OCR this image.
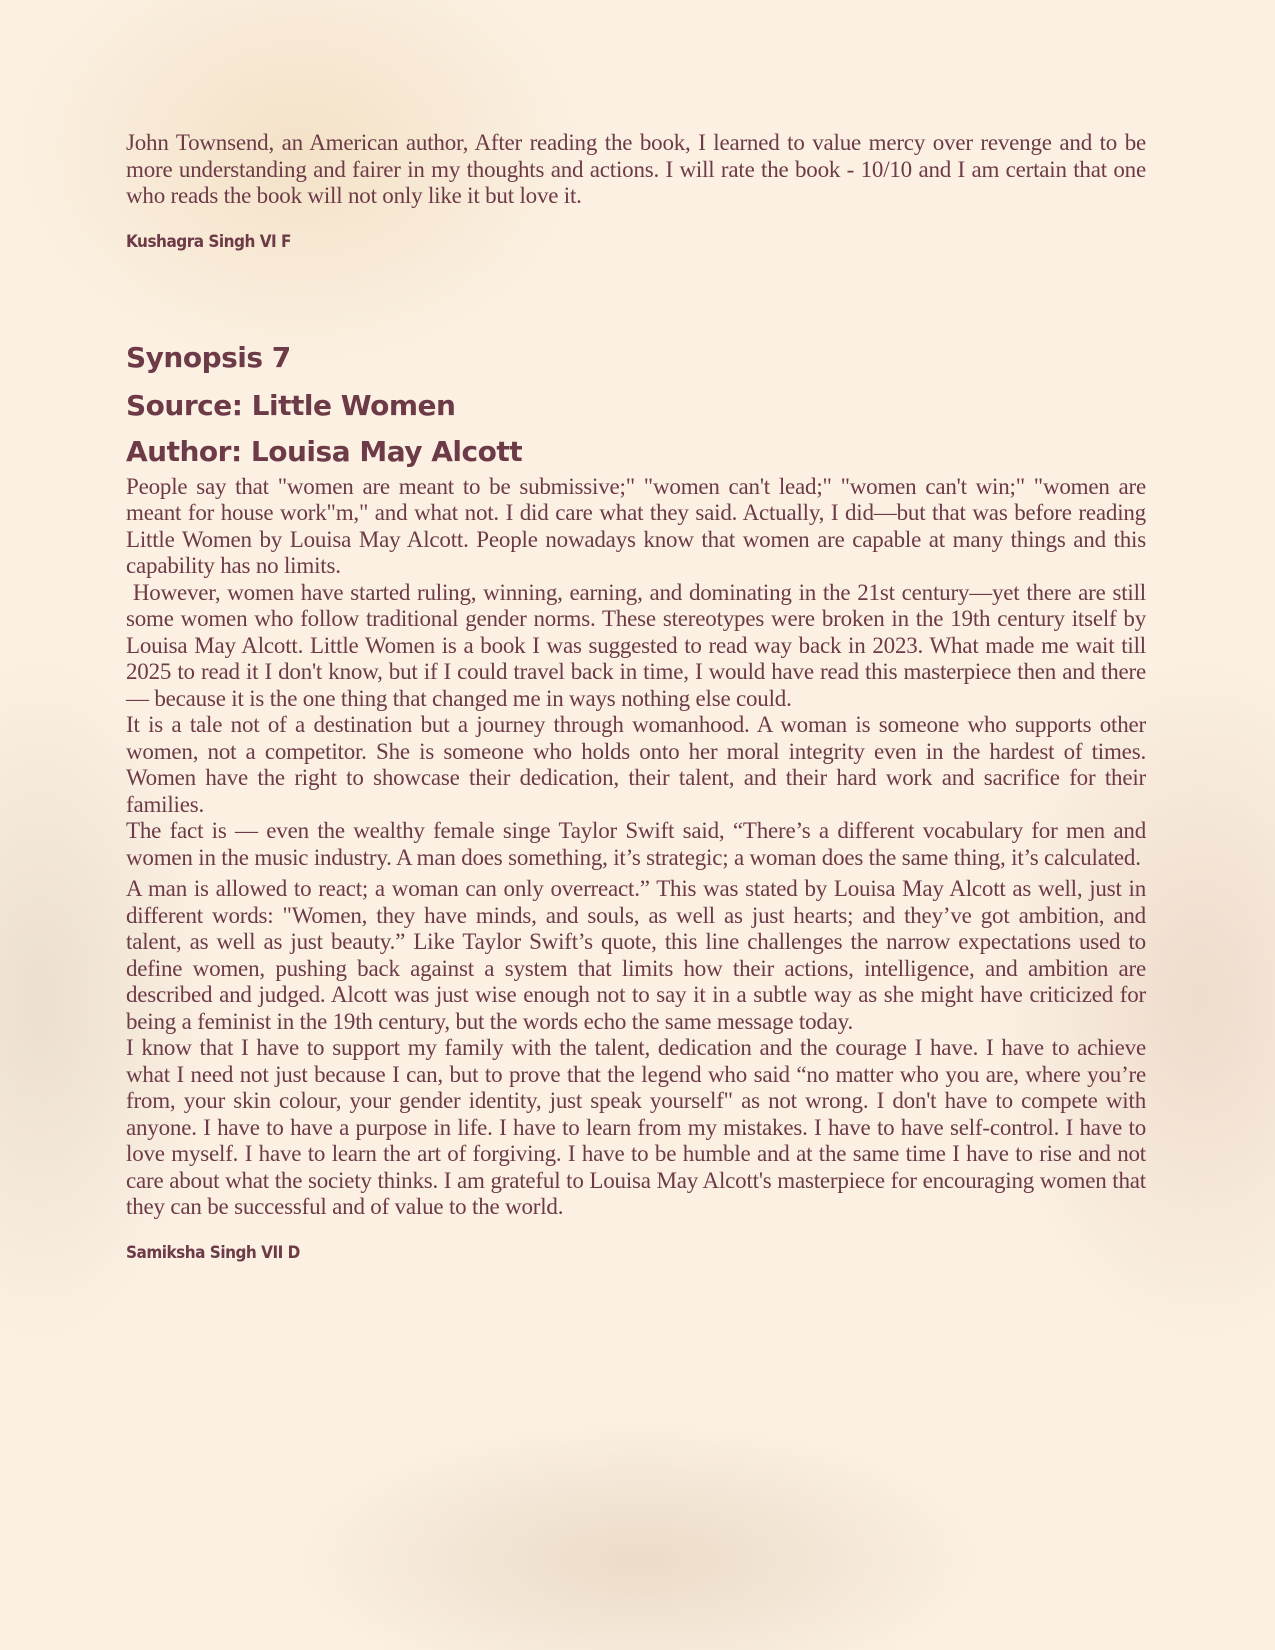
John Townsend, an American author, After reading the book, I learned to value mercy over revenge and to be more understanding and fairer in my thoughts and actions. I will rate the book - 10/10 and I am certain that one who reads the book will not only like it but love it.

Kushagra Singh VI F

Synopsis 7
Source: Little Women
Author: Louisa May Alcott

People say that "women are meant to be submissive;" "women can't lead;" "women can't win;" "women are meant for house work"m," and what not. I did care what they said. Actually, I did—but that was before reading Little Women by Louisa May Alcott. People nowadays know that women are capable at many things and this capability has no limits.

However, women have started ruling, winning, earning, and dominating in the 21st century—yet there are still some women who follow traditional gender norms. These stereotypes were broken in the 19th century itself by Louisa May Alcott. Little Women is a book I was suggested to read way back in 2023. What made me wait till 2025 to read it I don't know, but if I could travel back in time, I would have read this masterpiece then and there — because it is the one thing that changed me in ways nothing else could.

It is a tale not of a destination but a journey through womanhood. A woman is someone who supports other women, not a competitor. She is someone who holds onto her moral integrity even in the hardest of times. Women have the right to showcase their dedication, their talent, and their hard work and sacrifice for their families.

The fact is — even the wealthy female singe Taylor Swift said, “There’s a different vocabulary for men and women in the music industry. A man does something, it’s strategic; a woman does the same thing, it’s calculated.

A man is allowed to react; a woman can only overreact.” This was stated by Louisa May Alcott as well, just in different words: "Women, they have minds, and souls, as well as just hearts; and they’ve got ambition, and talent, as well as just beauty.” Like Taylor Swift’s quote, this line challenges the narrow expectations used to define women, pushing back against a system that limits how their actions, intelligence, and ambition are described and judged. Alcott was just wise enough not to say it in a subtle way as she might have criticized for being a feminist in the 19th century, but the words echo the same message today.

I know that I have to support my family with the talent, dedication and the courage I have. I have to achieve what I need not just because I can, but to prove that the legend who said “no matter who you are, where you’re from, your skin colour, your gender identity, just speak yourself" as not wrong. I don't have to compete with anyone. I have to have a purpose in life. I have to learn from my mistakes. I have to have self-control. I have to love myself. I have to learn the art of forgiving. I have to be humble and at the same time I have to rise and not care about what the society thinks. I am grateful to Louisa May Alcott's masterpiece for encouraging women that they can be successful and of value to the world.

Samiksha Singh VII D
